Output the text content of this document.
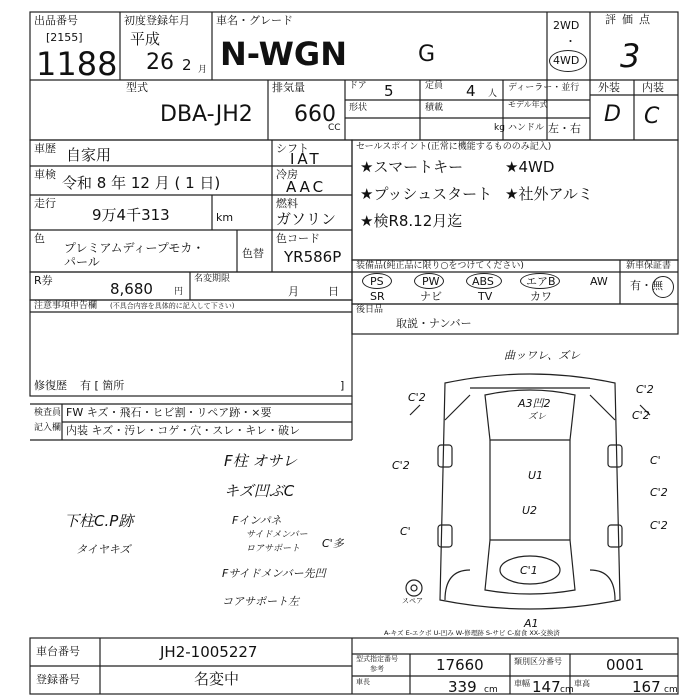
出品番号
[2155]
1188
初度登録年月
平成
26 2 月
車名・グレード
N-WGN	G
2WD
・
4WD
評価点
3
型式
DBA-JH2
排気量
660
CC
ドア 5	定員 4 人
ディーラー・並行
形状	積載
kg
モデル年式
ハンドル 左・右
外装 内装
D C
車歴 自家用
車検 令和 8 年 12 月 ( 1 日)
走行
9万4千313	km
色
プレミアムディープモカ・
パール
色替
シフト
IAT
冷房
AAC
燃料
ガソリン
色コード
YR586P
R券	8,680 円
名変期限
月	日
セールスポイント(正常に機能するもののみ記入)
★スマートキー	★4WD
★プッシュスタート ★社外アルミ
★検R8.12月迄
装備品(純正品に限り○をつけてください)
PS	PW	ABS	エアB	AW
SR	ナビ	TV	カワ
新車保証書
有・無
注意事項申告欄 (不具合内容を具体的に記入して下さい)
修復歴 有 [ 箇所	]
後日品
取説・ナンバー
検査員
記入欄
FW キズ・飛石・ヒビ割・リペア跡・×要
内装 キズ・汚レ・コゲ・穴・スレ・キレ・破レ
F柱 オサレ
キズ凹ぶC
Fインパネ
サイドメンバー
ロアサポート C'多
Fサイドメンバー先凹
コアサポート左
下柱C.P跡
タイヤキズ
曲ッワレ、ズレ
A3凹2
ズレ
C'2
C'2
C'2
C'2	C'
C'
C'2
C'2
U1
U2
C'1
A1
スペア
A-キズ E-エクボ U-凹み W-修理跡 S-サビ C-腐食 XX-交換済
車台番号	JH2-1005227
登録番号	名変中
型式指定番号
参考	17660	類別区分番号	0001
車長	339 cm
車幅 147 cm
車高	167 cm
